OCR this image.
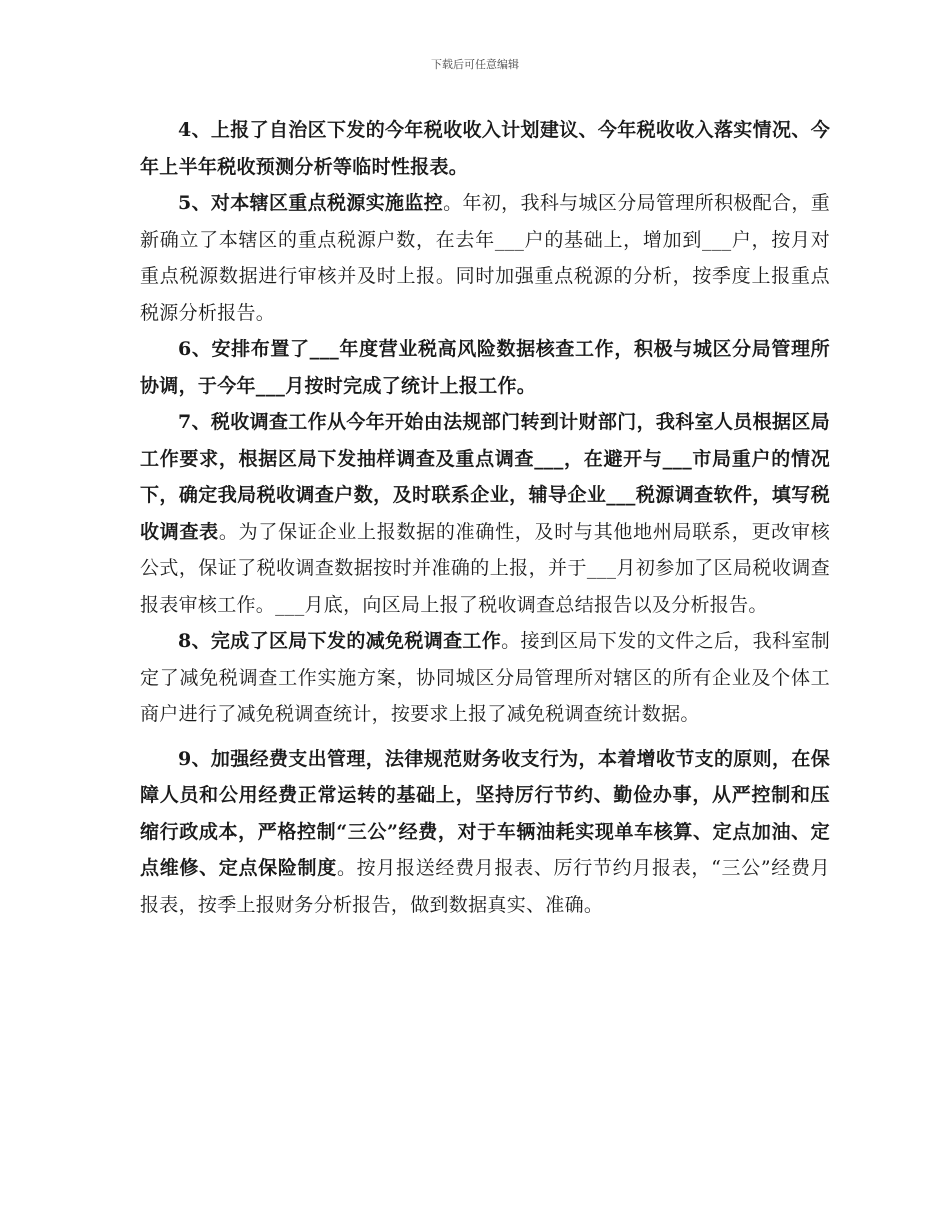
下载后可任意编辑

4、上报了自治区下发的今年税收收入计划建议、今年税收收入落实情况、今年上半年税收预测分析等临时性报表。

5、对本辖区重点税源实施监控。年初，我科与城区分局管理所积极配合，重新确立了本辖区的重点税源户数，在去年___户的基础上，增加到___户，按月对重点税源数据进行审核并及时上报。同时加强重点税源的分析，按季度上报重点税源分析报告。

6、安排布置了___年度营业税高风险数据核查工作，积极与城区分局管理所协调，于今年___月按时完成了统计上报工作。

7、税收调查工作从今年开始由法规部门转到计财部门，我科室人员根据区局工作要求，根据区局下发抽样调查及重点调查___，在避开与___市局重户的情况下，确定我局税收调查户数，及时联系企业，辅导企业___税源调查软件，填写税收调查表。为了保证企业上报数据的准确性，及时与其他地州局联系，更改审核公式，保证了税收调查数据按时并准确的上报，并于___月初参加了区局税收调查报表审核工作。___月底，向区局上报了税收调查总结报告以及分析报告。

8、完成了区局下发的减免税调查工作。接到区局下发的文件之后，我科室制定了减免税调查工作实施方案，协同城区分局管理所对辖区的所有企业及个体工商户进行了减免税调查统计，按要求上报了减免税调查统计数据。

9、加强经费支出管理，法律规范财务收支行为，本着增收节支的原则，在保障人员和公用经费正常运转的基础上，坚持厉行节约、勤俭办事，从严控制和压缩行政成本，严格控制“三公”经费，对于车辆油耗实现单车核算、定点加油、定点维修、定点保险制度。按月报送经费月报表、厉行节约月报表，“三公”经费月报表，按季上报财务分析报告，做到数据真实、准确。
